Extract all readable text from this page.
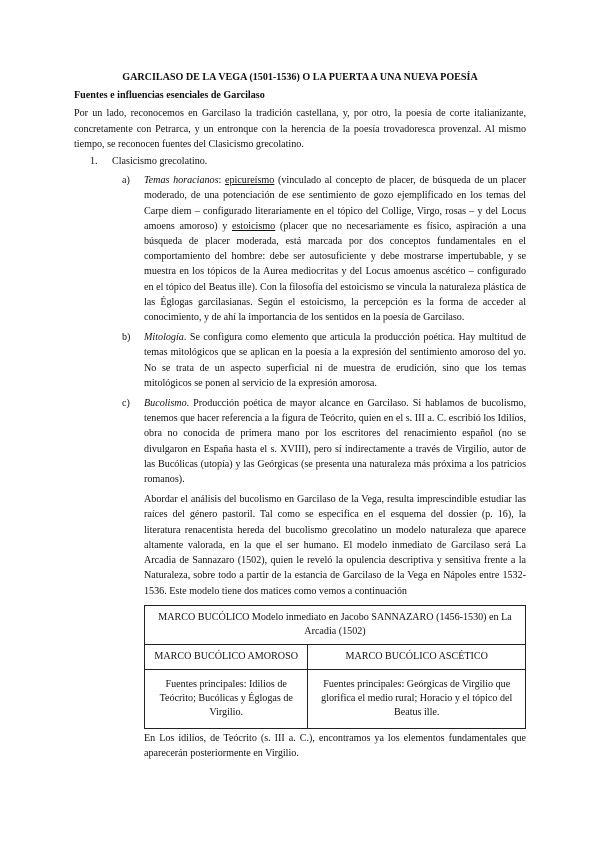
GARCILASO DE LA VEGA (1501-1536) O LA PUERTA A UNA NUEVA POESÍA
Fuentes e influencias esenciales de Garcilaso

Por un lado, reconocemos en Garcilaso la tradición castellana, y, por otro, la poesía de corte italianizante, concretamente con Petrarca, y un entronque con la herencia de la poesía trovadoresca provenzal. Al mismo tiempo, se reconocen fuentes del Clasicismo grecolatino.

1.	Clasicismo grecolatino.
a)	Temas horacianos: epicureísmo (vinculado al concepto de placer, de búsqueda de un placer moderado, de una potenciación de ese sentimiento de gozo ejemplificado en los temas del Carpe diem – configurado literariamente en el tópico del Collige, Virgo, rosas – y del Locus amoens amoroso) y estoicismo (placer que no necesariamente es físico, aspiración a una búsqueda de placer moderada, está marcada por dos conceptos fundamentales en el comportamiento del hombre: debe ser autosuficiente y debe mostrarse impertubable, y se muestra en los tópicos de la Aurea mediocritas y del Locus amoenus ascético – configurado en el tópico del Beatus ille). Con la filosofía del estoicismo se vincula la naturaleza plástica de las Églogas garcilasianas. Según el estoicismo, la percepción es la forma de acceder al conocimiento, y de ahí la importancia de los sentidos en la poesía de Garcilaso.
b)	Mitología. Se configura como elemento que articula la producción poética. Hay multitud de temas mitológicos que se aplican en la poesía a la expresión del sentimiento amoroso del yo. No se trata de un aspecto superficial ni de muestra de erudición, sino que los temas mitológicos se ponen al servicio de la expresión amorosa.
c)	Bucolismo. Producción poética de mayor alcance en Garcilaso. Si hablamos de bucolismo, tenemos que hacer referencia a la figura de Teócrito, quien en el s. III a. C. escribió los Idilios, obra no conocida de primera mano por los escritores del renacimiento español (no se divulgaron en España hasta el s. XVIII), pero sí indirectamente a través de Virgilio, autor de las Bucólicas (utopía) y las Geórgicas (se presenta una naturaleza más próxima a los patricios romanos).

Abordar el análisis del bucolismo en Garcilaso de la Vega, resulta imprescindible estudiar las raíces del género pastoril. Tal como se especifica en el esquema del dossier (p. 16), la literatura renacentista hereda del bucolismo grecolatino un modelo naturaleza que aparece altamente valorada, en la que el ser humano. El modelo inmediato de Garcilaso será La Arcadia de Sannazaro (1502), quien le reveló la opulencia descriptiva y sensitiva frente a la Naturaleza, sobre todo a partir de la estancia de Garcilaso de la Vega en Nápoles entre 1532-1536. Este modelo tiene dos matices como vemos a continuación

MARCO BUCÓLICO Modelo inmediato en Jacobo SANNAZARO (1456-1530) en La Arcadia (1502)	
MARCO BUCÓLICO AMOROSO	MARCO BUCÓLICO ASCÉTICO
Fuentes principales: Idilios de Teócrito; Bucólicas y Églogas de Virgilio.	Fuentes principales: Geórgicas de Virgilio que glorifica el medio rural; Horacio y el tópico del Beatus ille.

En Los idilios, de Teócrito (s. III a. C.), encontramos ya los elementos fundamentales que aparecerán posteriormente en Virgilio.
